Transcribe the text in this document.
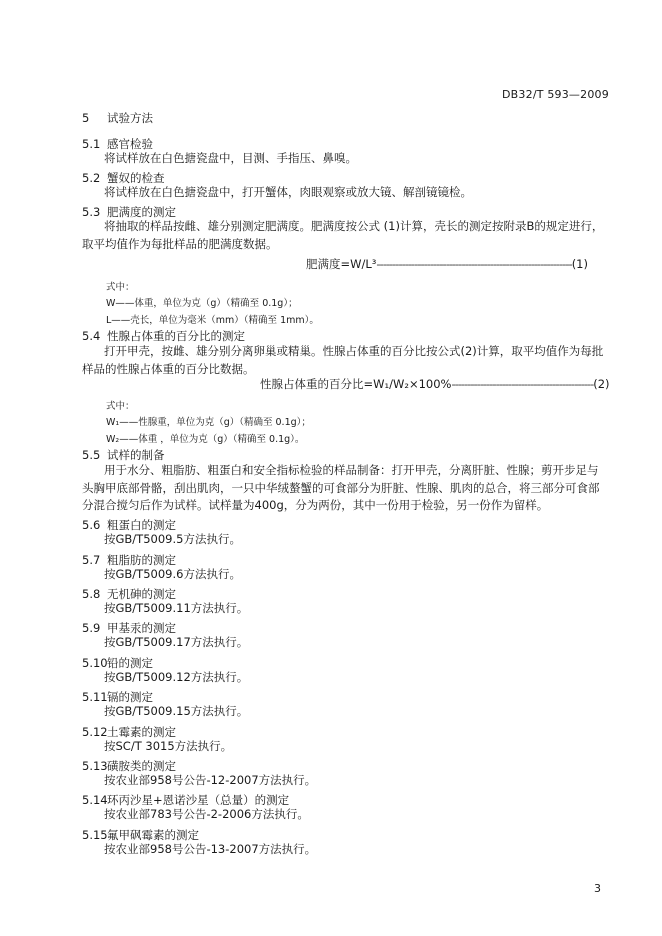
DB32/T 593—2009
5 试验方法
5.1 感官检验
将试样放在白色搪瓷盘中，目测、手指压、鼻嗅。
5.2 蟹奴的检查
将试样放在白色搪瓷盘中，打开蟹体，肉眼观察或放大镜、解剖镜镜检。
5.3 肥满度的测定
将抽取的样品按雌、雄分别测定肥满度。肥满度按公式 (1)计算，壳长的测定按附录B的规定进行，
取平均值作为每批样品的肥满度数据。
肥满度=W/L³‑‑‑‑‑‑‑‑‑‑‑‑‑‑‑‑‑‑‑‑‑‑‑‑‑‑‑‑‑‑‑‑‑‑‑‑‑‑‑‑‑‑‑‑‑‑‑‑‑‑‑‑‑‑‑‑‑‑‑‑‑‑(1)
式中：
W——体重，单位为克（g）（精确至 0.1g）；
L——壳长，单位为毫米（mm）（精确至 1mm）。
5.4 性腺占体重的百分比的测定
打开甲壳，按雌、雄分别分离卵巢或精巢。性腺占体重的百分比按公式(2)计算，取平均值作为每批
样品的性腺占体重的百分比数据。
性腺占体重的百分比=W₁/W₂×100%‑‑‑‑‑‑‑‑‑‑‑‑‑‑‑‑‑‑‑‑‑‑‑‑‑‑‑‑‑‑‑‑‑‑‑‑‑‑‑‑‑‑‑‑‑(2)
式中：
W₁——性腺重，单位为克（g）（精确至 0.1g）；
W₂——体重 ，单位为克（g）（精确至 0.1g）。
5.5 试样的制备
用于水分、粗脂肪、粗蛋白和安全指标检验的样品制备：打开甲壳，分离肝脏、性腺；剪开步足与
头胸甲底部骨骼，刮出肌肉，一只中华绒螯蟹的可食部分为肝脏、性腺、肌肉的总合，将三部分可食部
分混合搅匀后作为试样。试样量为400g，分为两份，其中一份用于检验，另一份作为留样。
5.6 粗蛋白的测定
按GB/T5009.5方法执行。
5.7 粗脂肪的测定
按GB/T5009.6方法执行。
5.8 无机砷的测定
按GB/T5009.11方法执行。
5.9 甲基汞的测定
按GB/T5009.17方法执行。
5.10铅的测定
按GB/T5009.12方法执行。
5.11镉的测定
按GB/T5009.15方法执行。
5.12土霉素的测定
按SC/T 3015方法执行。
5.13磺胺类的测定
按农业部958号公告-12-2007方法执行。
5.14环丙沙星+恩诺沙星（总量）的测定
按农业部783号公告-2-2006方法执行。
5.15氟甲砜霉素的测定
按农业部958号公告-13-2007方法执行。
3
